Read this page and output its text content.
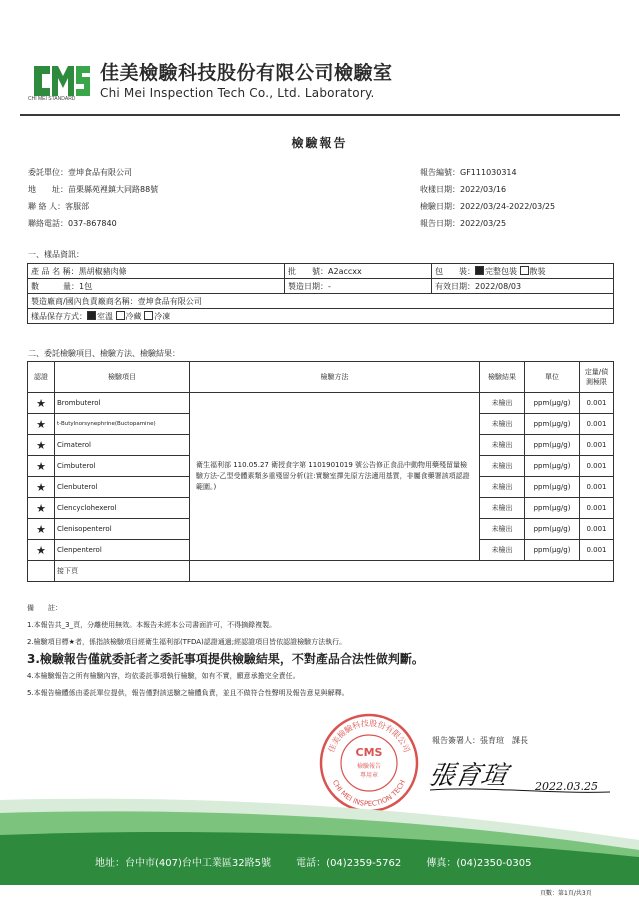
CHI MEI STANDARD
佳美檢驗科技股份有限公司檢驗室
Chi Mei Inspection Tech Co., Ltd. Laboratory.
檢驗報告
委託單位：壹坤食品有限公司
地　　址：苗栗縣苑裡鎮大同路88號
聯 絡 人：客服部
聯絡電話：037-867840
報告編號：GF111030314
收樣日期：2022/03/16
檢驗日期：2022/03/24-2022/03/25
報告日期：2022/03/25
一、樣品資訊：
產 品 名 稱：黑胡椒豬肉條	批　　號：A2accxx	包　　裝： 完整包裝 散裝
數　　　量：1包	製造日期：-	有效日期：2022/08/03
製造廠商/國內負責廠商名稱：壹坤食品有限公司		
樣品保存方式： 室溫 冷藏 冷凍		
二、委託檢驗項目、檢驗方法、檢驗結果：
認證	檢驗項目	檢驗方法	檢驗結果	單位	定量/偵測極限
★	Brombuterol	衛生福利部 110.05.27 衛授食字第 1101901019 號公告修正食品中動物用藥殘留量檢驗方法-乙型受體素類多重殘留分析(註:實驗室擇先原方法適用基質，非屬食藥署該項認證範圍。)	未檢出	ppm(μg/g)	0.001
★	t-Butylnorsynephrine(Buctopamine)		未檢出	ppm(μg/g)	0.001
★	Cimaterol		未檢出	ppm(μg/g)	0.001
★	Cimbuterol		未檢出	ppm(μg/g)	0.001
★	Clenbuterol		未檢出	ppm(μg/g)	0.001
★	Clencyclohexerol		未檢出	ppm(μg/g)	0.001
★	Clenisopenterol		未檢出	ppm(μg/g)	0.001
★	Clenpenterol		未檢出	ppm(μg/g)	0.001
	接下頁				
備　　註：
1.本報告共_3_頁，分離使用無效。本報告未經本公司書面許可，不得摘錄複製。
2.檢驗項目標★者，係指該檢驗項目經衛生福利部(TFDA)認證通過;經認證項目皆依認證檢驗方法執行。
3.檢驗報告僅就委託者之委託事項提供檢驗結果，不對產品合法性做判斷。
4.本檢驗報告之所有檢驗內容，均依委託事項執行檢驗，如有不實，願意承擔完全責任。
5.本報告檢體係由委託單位提供，報告僅對該送驗之檢體負責，並且不做符合性聲明及報告意見與解釋。
佳美檢驗科技股份有限公司
CHI MEI INSPECTION TECH
CMS
檢驗報告
專用章
報告簽署人：張育瑄　 課長
張育瑄	2022.03.25
地址：台中市(407)台中工業區32路5號	電話：(04)2359-5762	傳真：(04)2350-0305
頁數：第1頁/共3頁
